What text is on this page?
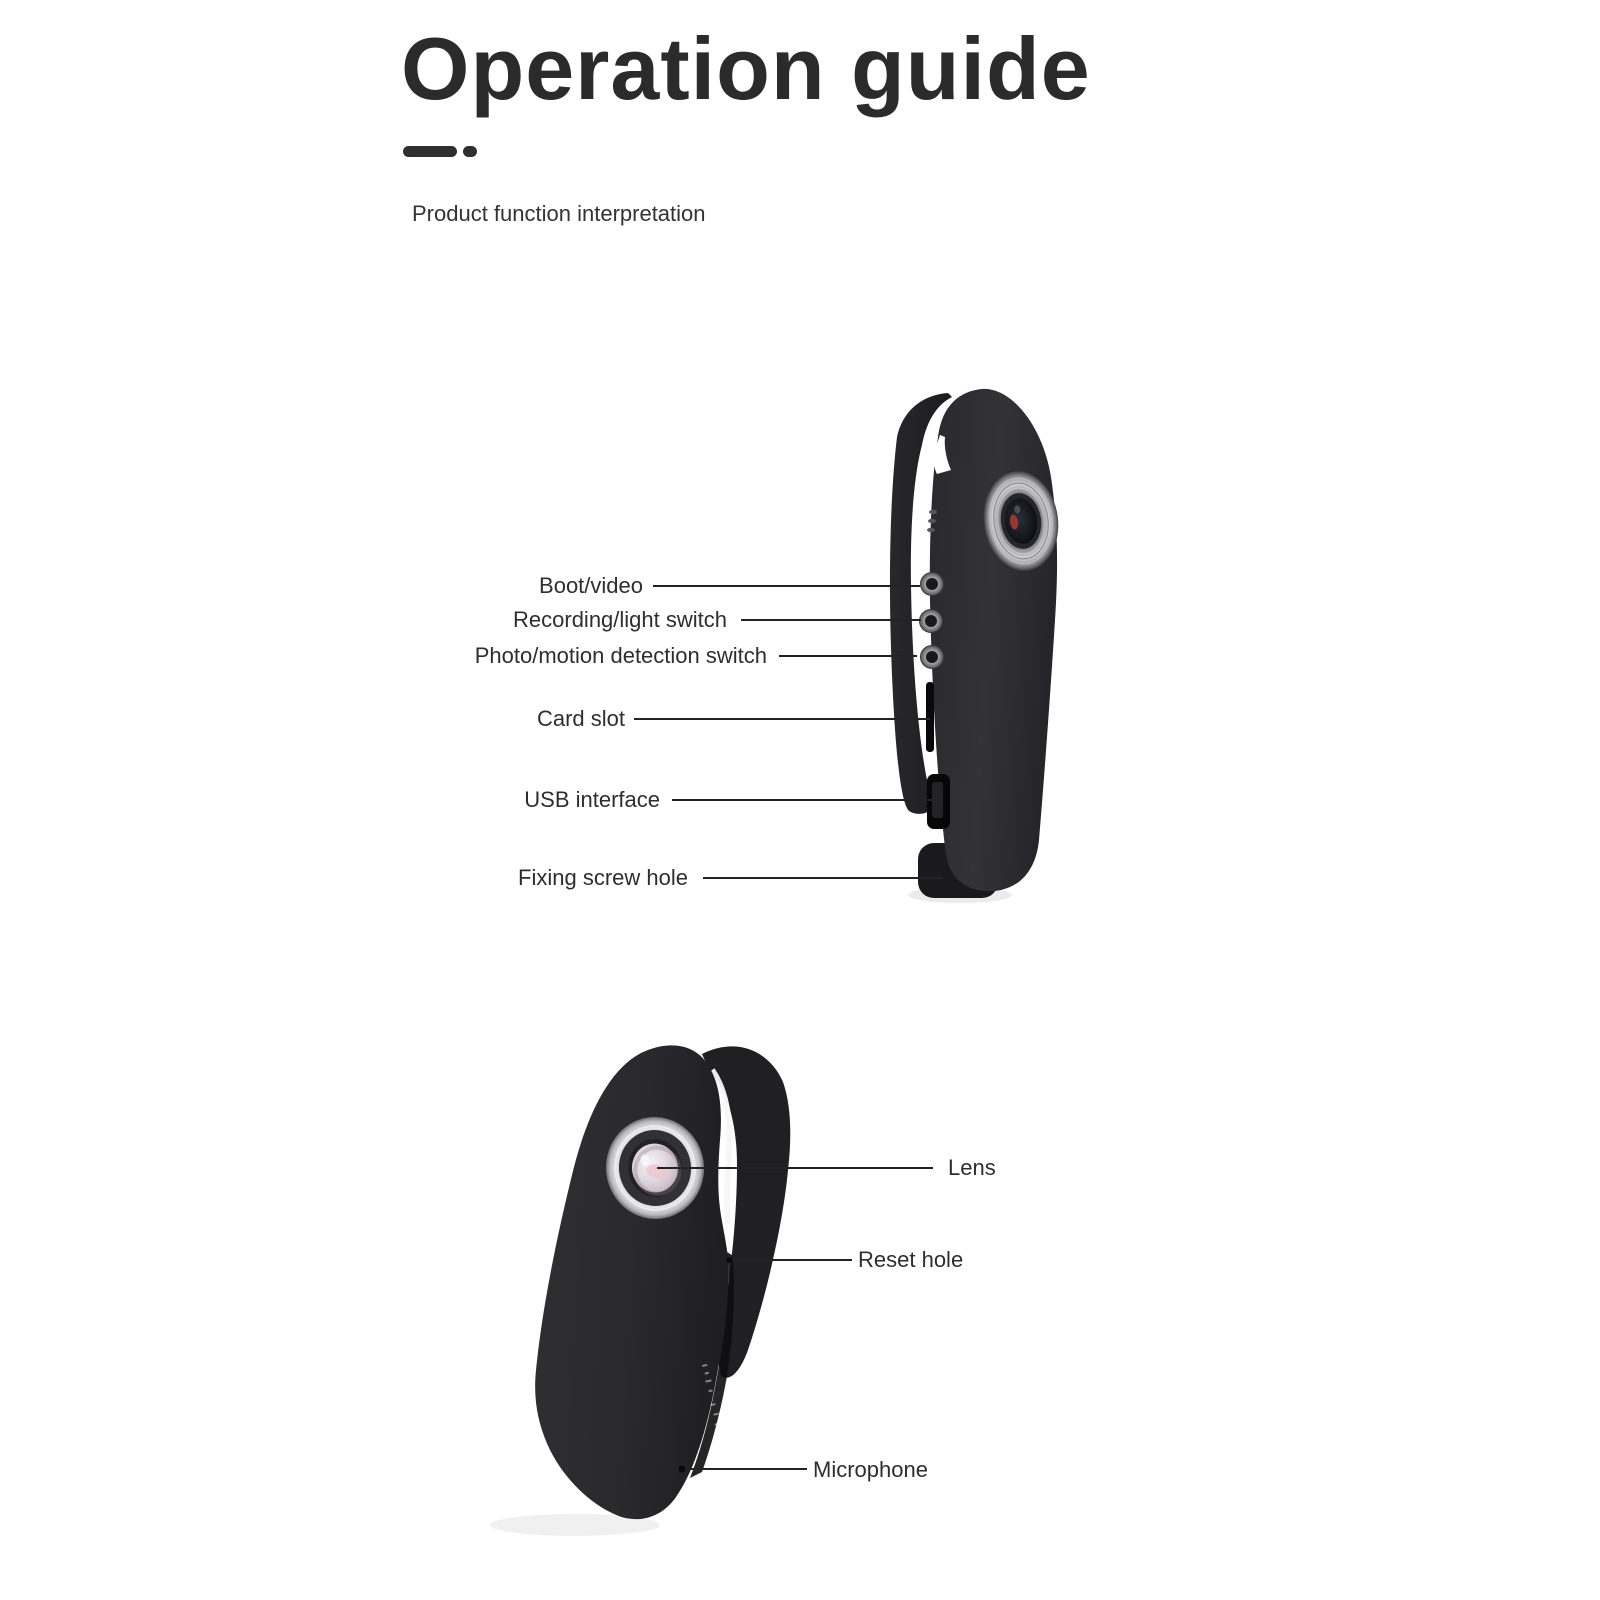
Operation guide

Product function interpretation

Boot/video
Recording/light switch
Photo/motion detection switch
Card slot
USB interface
Fixing screw hole
Lens
Reset hole
Microphone
